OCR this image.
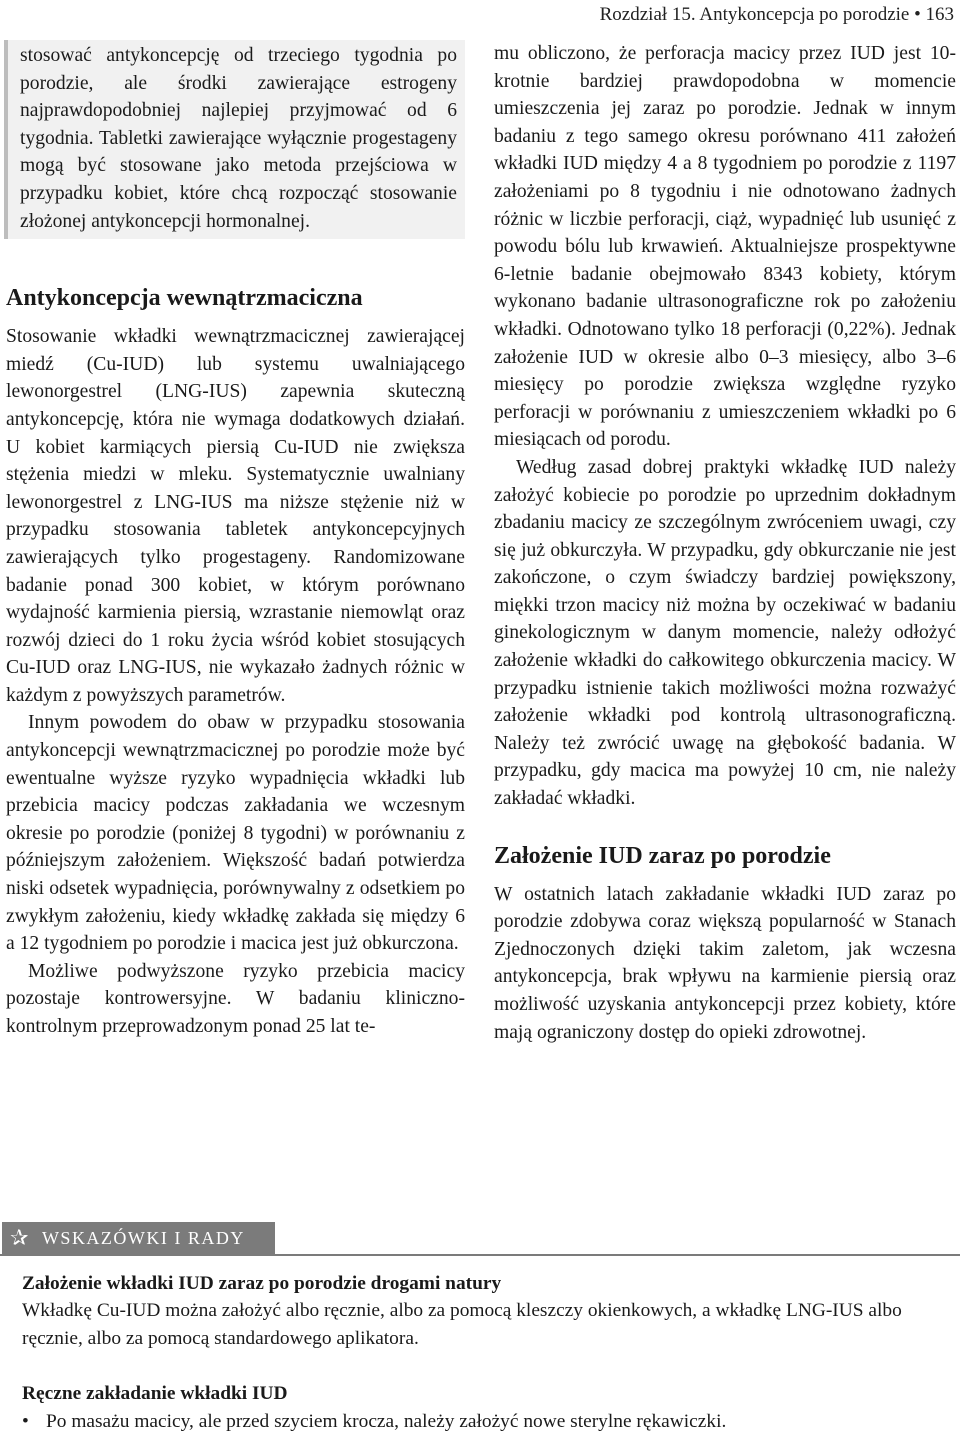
Rozdział 15. Antykoncepcja po porodzie • 163

stosować antykoncepcję od trzeciego tygodnia po porodzie, ale środki zawierające estrogeny najprawdopodobniej najlepiej przyjmować od 6 tygodnia. Tabletki zawierające wyłącznie progestageny mogą być stosowane jako metoda przejściowa w przypadku kobiet, które chcą rozpocząć stosowanie złożonej antykoncepcji hormonalnej.

Antykoncepcja wewnątrzmaciczna

Stosowanie wkładki wewnątrzmacicznej zawierającej miedź (Cu-IUD) lub systemu uwalniającego lewonorgestrel (LNG-IUS) zapewnia skuteczną antykoncepcję, która nie wymaga dodatkowych działań. U kobiet karmiących piersią Cu-IUD nie zwiększa stężenia miedzi w mleku. Systematycznie uwalniany lewonorgestrel z LNG-IUS ma niższe stężenie niż w przypadku stosowania tabletek antykoncepcyjnych zawierających tylko progestageny. Randomizowane badanie ponad 300 kobiet, w którym porównano wydajność karmienia piersią, wzrastanie niemowląt oraz rozwój dzieci do 1 roku życia wśród kobiet stosujących Cu-IUD oraz LNG-IUS, nie wykazało żadnych różnic w każdym z powyższych parametrów.

Innym powodem do obaw w przypadku stosowania antykoncepcji wewnątrzmacicznej po porodzie może być ewentualne wyższe ryzyko wypadnięcia wkładki lub przebicia macicy podczas zakładania we wczesnym okresie po porodzie (poniżej 8 tygodni) w porównaniu z późniejszym założeniem. Większość badań potwierdza niski odsetek wypadnięcia, porównywalny z odsetkiem po zwykłym założeniu, kiedy wkładkę zakłada się między 6 a 12 tygodniem po porodzie i macica jest już obkurczona.

Możliwe podwyższone ryzyko przebicia macicy pozostaje kontrowersyjne. W badaniu kliniczno-kontrolnym przeprowadzonym ponad 25 lat te-

mu obliczono, że perforacja macicy przez IUD jest 10-krotnie bardziej prawdopodobna w momencie umieszczenia jej zaraz po porodzie. Jednak w innym badaniu z tego samego okresu porównano 411 założeń wkładki IUD między 4 a 8 tygodniem po porodzie z 1197 założeniami po 8 tygodniu i nie odnotowano żadnych różnic w liczbie perforacji, ciąż, wypadnięć lub usunięć z powodu bólu lub krwawień. Aktualniejsze prospektywne 6-letnie badanie obejmowało 8343 kobiety, którym wykonano badanie ultrasonograficzne rok po założeniu wkładki. Odnotowano tylko 18 perforacji (0,22%). Jednak założenie IUD w okresie albo 0–3 miesięcy, albo 3–6 miesięcy po porodzie zwiększa względne ryzyko perforacji w porównaniu z umieszczeniem wkładki po 6 miesiącach od porodu.

Według zasad dobrej praktyki wkładkę IUD należy założyć kobiecie po porodzie po uprzednim dokładnym zbadaniu macicy ze szczególnym zwróceniem uwagi, czy się już obkurczyła. W przypadku, gdy obkurczanie nie jest zakończone, o czym świadczy bardziej powiększony, miękki trzon macicy niż można by oczekiwać w badaniu ginekologicznym w danym momencie, należy odłożyć założenie wkładki do całkowitego obkurczenia macicy. W przypadku istnienie takich możliwości można rozważyć założenie wkładki pod kontrolą ultrasonograficzną. Należy też zwrócić uwagę na głębokość badania. W przypadku, gdy macica ma powyżej 10 cm, nie należy zakładać wkładki.

Założenie IUD zaraz po porodzie

W ostatnich latach zakładanie wkładki IUD zaraz po porodzie zdobywa coraz większą popularność w Stanach Zjednoczonych dzięki takim zaletom, jak wczesna antykoncepcja, brak wpływu na karmienie piersią oraz możliwość uzyskania antykoncepcji przez kobiety, które mają ograniczony dostęp do opieki zdrowotnej.

✰ WSKAZÓWKI I RADY
Założenie wkładki IUD zaraz po porodzie drogami natury

Wkładkę Cu-IUD można założyć albo ręcznie, albo za pomocą kleszczy okienkowych, a wkładkę LNG-IUS albo ręcznie, albo za pomocą standardowego aplikatora.

Ręczne zakładanie wkładki IUD
• Po masażu macicy, ale przed szyciem krocza, należy założyć nowe sterylne rękawiczki.
